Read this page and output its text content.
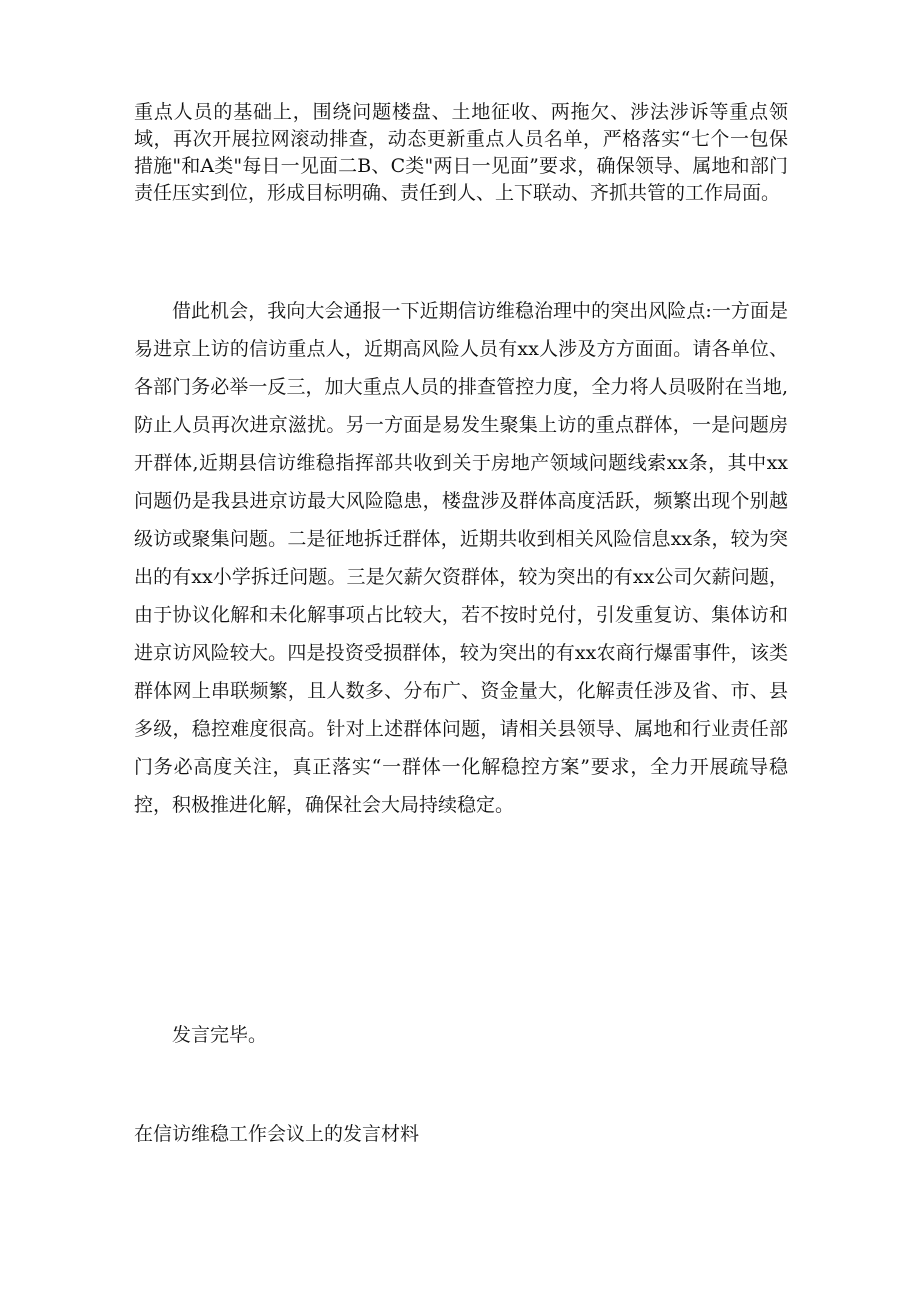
重点人员的基础上，围绕问题楼盘、土地征收、两拖欠、涉法涉诉等重点领域，再次开展拉网滚动排查，动态更新重点人员名单，严格落实“七个一包保措施"和A类"每日一见面二B、C类"两日一见面”要求，确保领导、属地和部门责任压实到位，形成目标明确、责任到人、上下联动、齐抓共管的工作局面。

借此机会，我向大会通报一下近期信访维稳治理中的突出风险点:一方面是易进京上访的信访重点人，近期高风险人员有xx人涉及方方面面。请各单位、各部门务必举一反三，加大重点人员的排查管控力度，全力将人员吸附在当地,防止人员再次进京滋扰。另一方面是易发生聚集上访的重点群体，一是问题房开群体,近期县信访维稳指挥部共收到关于房地产领域问题线索xx条，其中xx问题仍是我县进京访最大风险隐患，楼盘涉及群体高度活跃，频繁出现个别越级访或聚集问题。二是征地拆迁群体，近期共收到相关风险信息xx条，较为突出的有xx小学拆迁问题。三是欠薪欠资群体，较为突出的有xx公司欠薪问题，由于协议化解和未化解事项占比较大，若不按时兑付，引发重复访、集体访和进京访风险较大。四是投资受损群体，较为突出的有xx农商行爆雷事件，该类群体网上串联频繁，且人数多、分布广、资金量大，化解责任涉及省、市、县多级，稳控难度很高。针对上述群体问题，请相关县领导、属地和行业责任部门务必高度关注，真正落实“一群体一化解稳控方案”要求，全力开展疏导稳控，积极推进化解，确保社会大局持续稳定。

发言完毕。

在信访维稳工作会议上的发言材料
